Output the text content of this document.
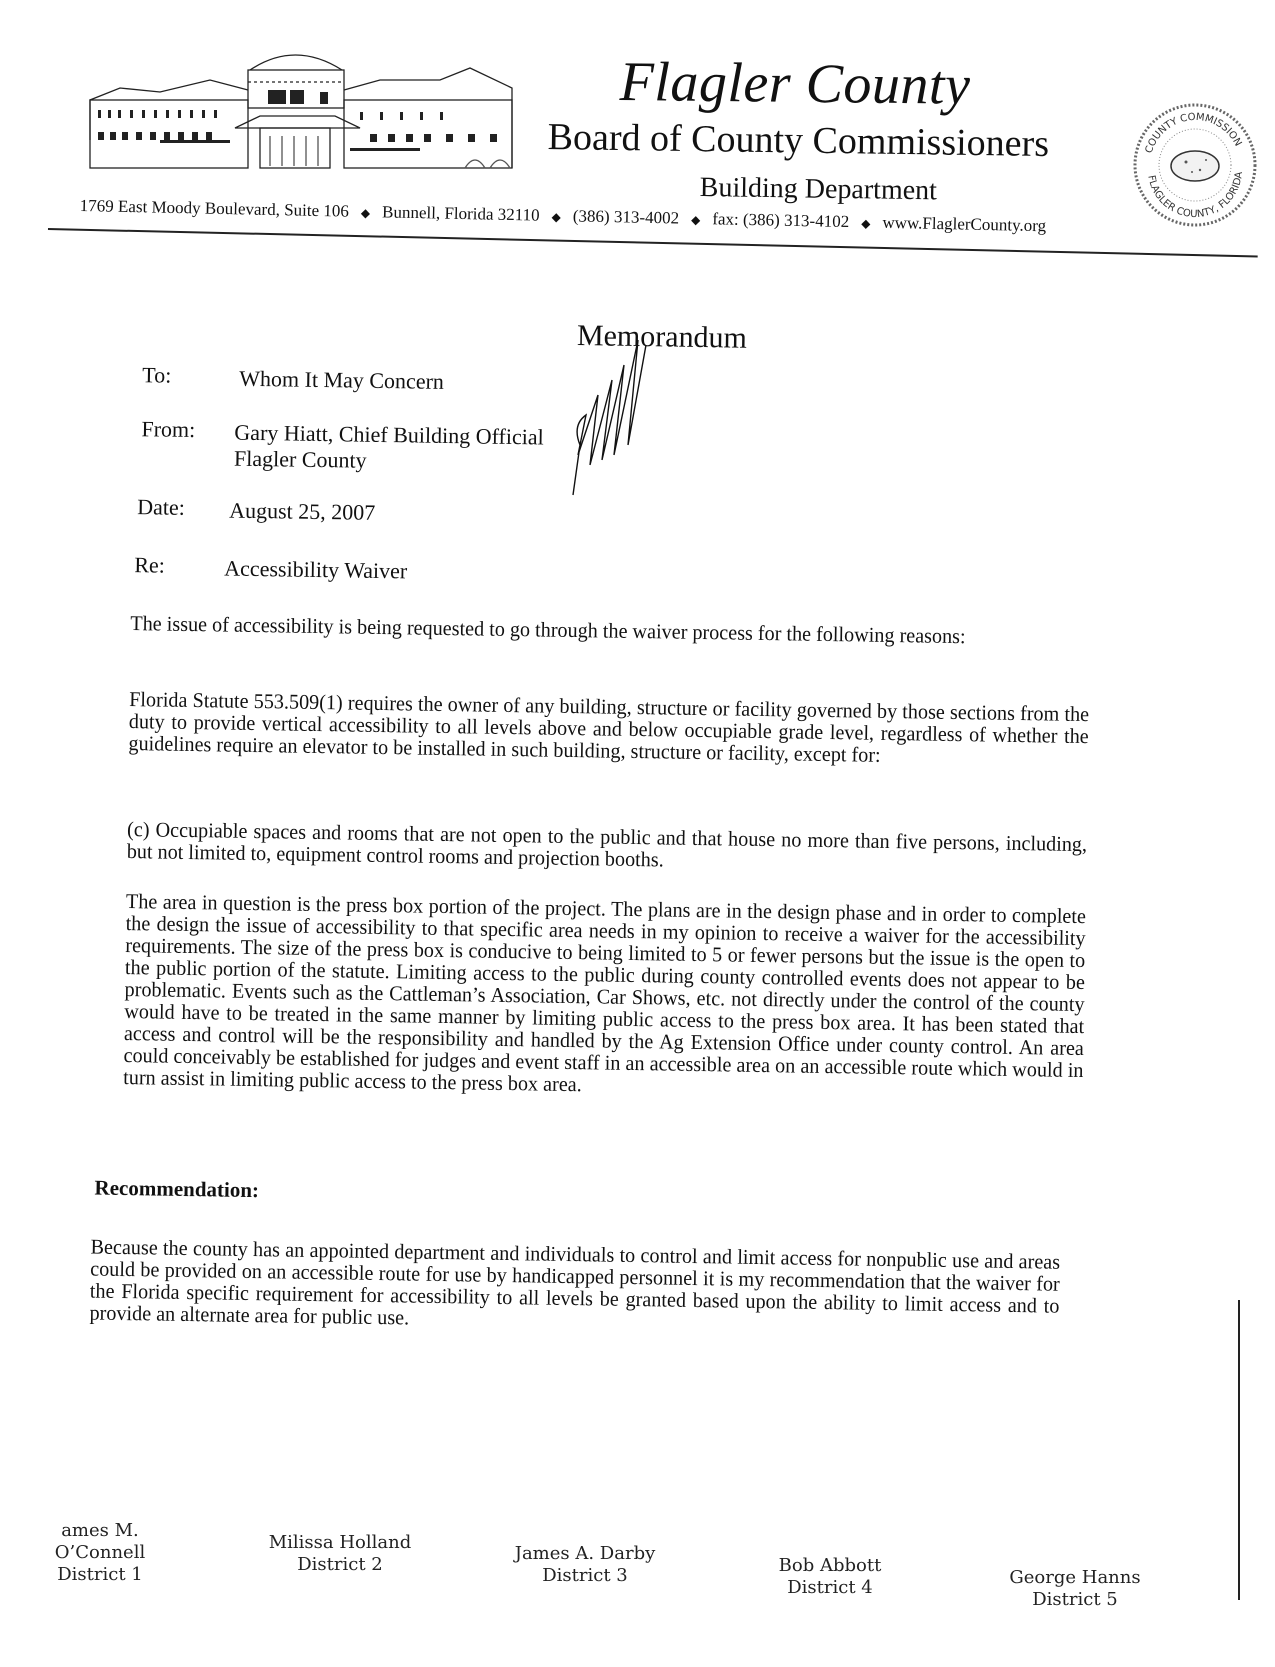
Flagler County
Board of County Commissioners
Building Department
COUNTY COMMISSION
FLAGLER COUNTY, FLORIDA
1769 East Moody Boulevard, Suite 106 ◆ Bunnell, Florida 32110 ◆ (386) 313-4002 ◆ fax: (386) 313-4102 ◆ www.FlaglerCounty.org
Memorandum
To:	Whom It May Concern
From: Gary Hiatt, Chief Building Official
Flagler County
Date: August 25, 2007
Re:	Accessibility Waiver
The issue of accessibility is being requested to go through the waiver process for the following reasons:
Florida Statute 553.509(1) requires the owner of any building, structure or facility governed by those sections from the duty to provide vertical accessibility to all levels above and below occupiable grade level, regardless of whether the guidelines require an elevator to be installed in such building, structure or facility, except for:
(c) Occupiable spaces and rooms that are not open to the public and that house no more than five persons, including, but not limited to, equipment control rooms and projection booths.
The area in question is the press box portion of the project. The plans are in the design phase and in order to complete the design the issue of accessibility to that specific area needs in my opinion to receive a waiver for the accessibility requirements. The size of the press box is conducive to being limited to 5 or fewer persons but the issue is the open to the public portion of the statute. Limiting access to the public during county controlled events does not appear to be problematic. Events such as the Cattleman’s Association, Car Shows, etc. not directly under the control of the county would have to be treated in the same manner by limiting public access to the press box area. It has been stated that access and control will be the responsibility and handled by the Ag Extension Office under county control. An area could conceivably be established for judges and event staff in an accessible area on an accessible route which would in turn assist in limiting public access to the press box area.
Recommendation:
Because the county has an appointed department and individuals to control and limit access for nonpublic use and areas could be provided on an accessible route for use by handicapped personnel it is my recommendation that the waiver for the Florida specific requirement for accessibility to all levels be granted based upon the ability to limit access and to provide an alternate area for public use.
ames M. O’Connell
District 1
Milissa Holland
District 2
James A. Darby
District 3	Bob Abbott
District 4	George Hanns
District 5
